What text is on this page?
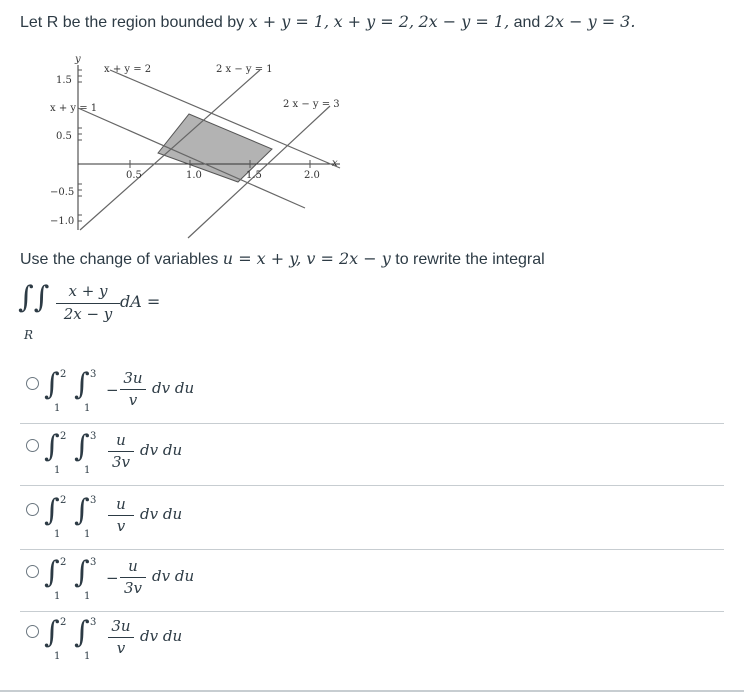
Let R be the region bounded by x + y = 1, x + y = 2, 2x − y = 1, and 2x − y = 3.
y
x
x + y = 2
x + y = 1
2 x − y = 1
2 x − y = 3
1.5
0.5
−0.5
−1.0
0.5	1.0	1.5	2.0
Use the change of variables u = x + y, v = 2x − y to rewrite the integral
∫∫
R
x + y
2x − y
dA =
∫ ∫
2
1
3
1
−
3u
v
dv du
∫ ∫
2
1
3
1
u
3v
dv du
∫ ∫
2
1
3
1
u
v
dv du
∫ ∫
2
1
3
1
−
u
3v
dv du
∫ ∫
2
1
3
1
3u
v
dv du
